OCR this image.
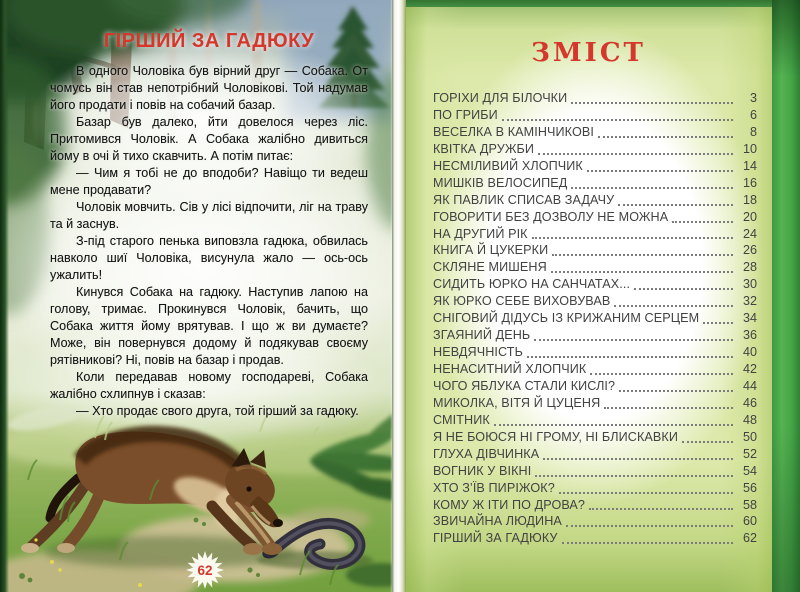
ГІРШИЙ ЗА ГАДЮКУ

В одного Чоловіка був вірний друг — Собака. От чомусь він став непотрібний Чоловікові. Той надумав його продати і повів на собачий базар.

Базар був далеко, йти довелося через ліс. Притомився Чоловік. А Собака жалібно дивиться йому в очі й тихо скавчить. А потім питає:

— Чим я тобі не до вподоби? Навіщо ти ведеш мене продавати?

Чоловік мовчить. Сів у лісі відпочити, ліг на траву та й заснув.

З-під старого пенька виповзла гадюка, обвилась навколо шиї Чоловіка, висунула жало — ось-ось ужалить!

Кинувся Собака на гадюку. Наступив лапою на голову, тримає. Прокинувся Чоловік, бачить, що Собака життя йому врятував. І що ж ви думаєте? Може, він повернувся додому й подякував своєму рятівникові? Ні, повів на базар і продав.

Коли передавав новому господареві, Собака жалібно схлипнув і сказав:

— Хто продає свого друга, той гірший за гадюку.

62
ЗМІСТ
ГОРІХИ ДЛЯ БІЛОЧКИ	3
ПО ГРИБИ	6
ВЕСЕЛКА В КАМІНЧИКОВІ	8
КВІТКА ДРУЖБИ	10
НЕСМІЛИВИЙ ХЛОПЧИК	14
МИШКІВ ВЕЛОСИПЕД	16
ЯК ПАВЛИК СПИСАВ ЗАДАЧУ	18
ГОВОРИТИ БЕЗ ДОЗВОЛУ НЕ МОЖНА	20
НА ДРУГИЙ РІК	24
КНИГА Й ЦУКЕРКИ	26
СКЛЯНЕ МИШЕНЯ	28
СИДИТЬ ЮРКО НА САНЧАТАХ...	30
ЯК ЮРКО СЕБЕ ВИХОВУВАВ	32
СНІГОВИЙ ДІДУСЬ ІЗ КРИЖАНИМ СЕРЦЕМ	34
ЗГАЯНИЙ ДЕНЬ	36
НЕВДЯЧНІСТЬ	40
НЕНАСИТНИЙ ХЛОПЧИК	42
ЧОГО ЯБЛУКА СТАЛИ КИСЛІ?	44
МИКОЛКА, ВІТЯ Й ЦУЦЕНЯ	46
СМІТНИК	48
Я НЕ БОЮСЯ НІ ГРОМУ, НІ БЛИСКАВКИ	50
ГЛУХА ДІВЧИНКА	52
ВОГНИК У ВІКНІ	54
ХТО З’ЇВ ПИРІЖОК?	56
КОМУ Ж ІТИ ПО ДРОВА?	58
ЗВИЧАЙНА ЛЮДИНА	60
ГІРШИЙ ЗА ГАДЮКУ	62
